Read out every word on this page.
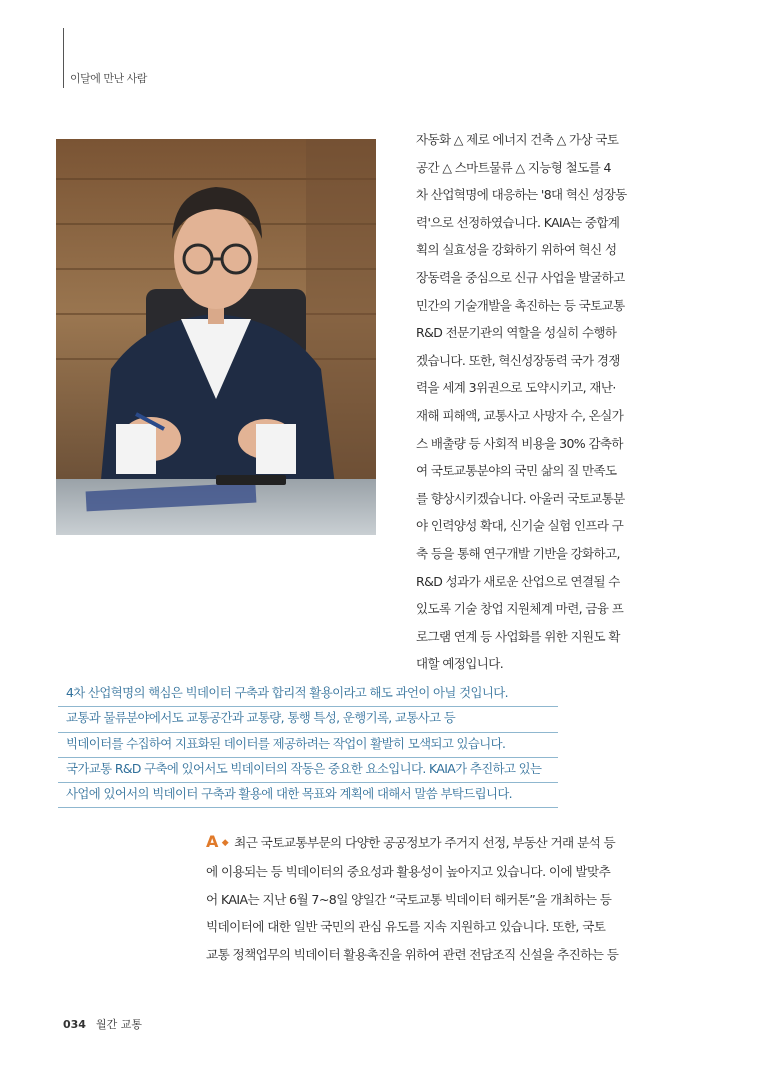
이달에 만난 사람
자동화 △ 제로 에너지 건축 △ 가상 국토
공간 △ 스마트물류 △ 지능형 철도를 4
차 산업혁명에 대응하는 '8대 혁신 성장동
력'으로 선정하였습니다. KAIA는 중합계
획의 실효성을 강화하기 위하여 혁신 성
장동력을 중심으로 신규 사업을 발굴하고
민간의 기술개발을 촉진하는 등 국토교통
R&D 전문기관의 역할을 성실히 수행하
겠습니다. 또한, 혁신성장동력 국가 경쟁
력을 세계 3위권으로 도약시키고, 재난·
재해 피해액, 교통사고 사망자 수, 온실가
스 배출량 등 사회적 비용을 30% 감축하
여 국토교통분야의 국민 삶의 질 만족도
를 향상시키겠습니다. 아울러 국토교통분
야 인력양성 확대, 신기술 실험 인프라 구
축 등을 통해 연구개발 기반을 강화하고,
R&D 성과가 새로운 산업으로 연결될 수
있도록 기술 창업 지원체계 마련, 금융 프
로그램 연계 등 사업화를 위한 지원도 확
대할 예정입니다.
4차 산업혁명의 핵심은 빅데이터 구축과 합리적 활용이라고 해도 과언이 아닐 것입니다.
교통과 물류분야에서도 교통공간과 교통량, 통행 특성, 운행기록, 교통사고 등
빅데이터를 수집하여 지표화된 데이터를 제공하려는 작업이 활발히 모색되고 있습니다.
국가교통 R&D 구축에 있어서도 빅데이터의 작동은 중요한 요소입니다. KAIA가 추진하고 있는
사업에 있어서의 빅데이터 구축과 활용에 대한 목표와 계획에 대해서 말씀 부탁드립니다.
A ◆ 최근 국토교통부문의 다양한 공공정보가 주거지 선정, 부동산 거래 분석 등
에 이용되는 등 빅데이터의 중요성과 활용성이 높아지고 있습니다. 이에 발맞추
어 KAIA는 지난 6월 7~8일 양일간 “국토교통 빅데이터 해커톤”을 개최하는 등
빅데이터에 대한 일반 국민의 관심 유도를 지속 지원하고 있습니다. 또한, 국토
교통 정책업무의 빅데이터 활용촉진을 위하여 관련 전담조직 신설을 추진하는 등
034 월간 교통
